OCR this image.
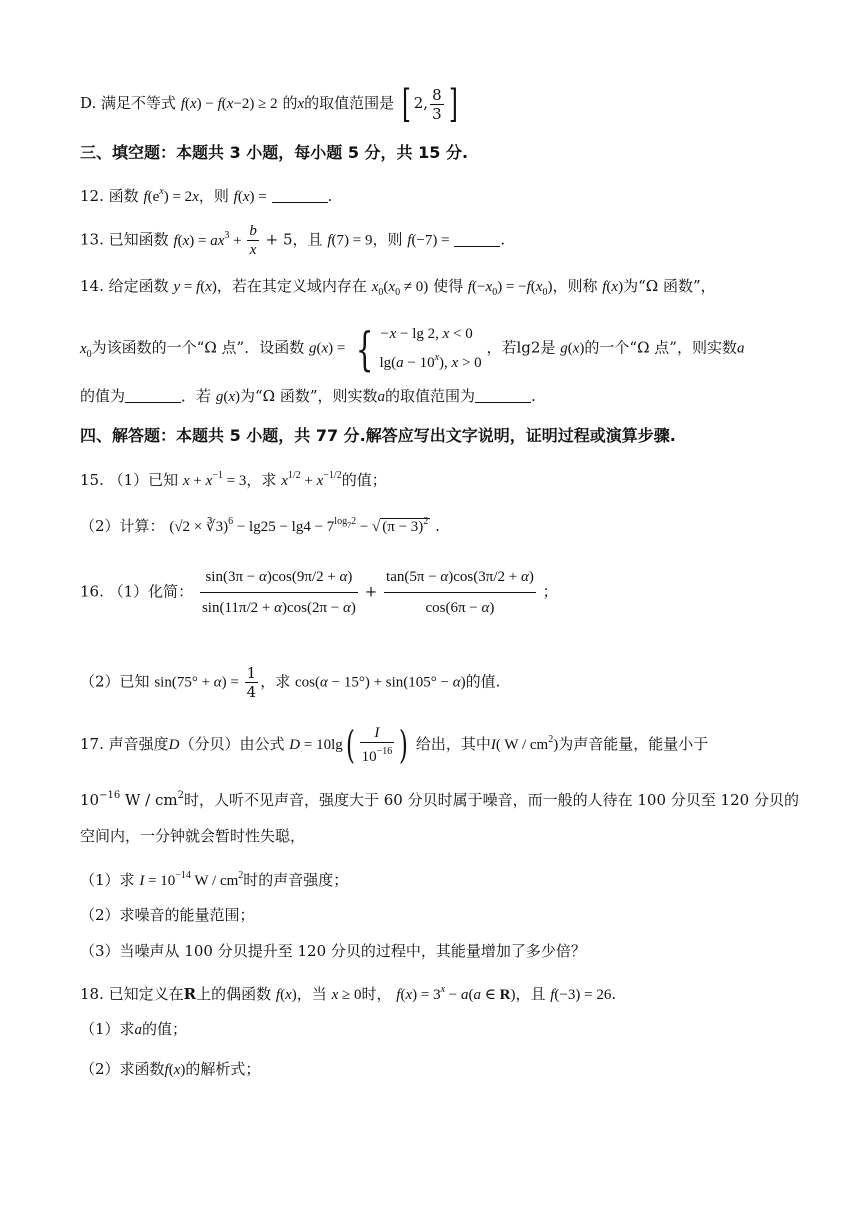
D. 满足不等式 f(x) − f(x−2) ≥ 2 的x的取值范围是 [ 2, $\frac{8}{3}$ ]
三、填空题：本题共 3 小题，每小题 5 分，共 15 分.
12. 函数 $f(e^x) = 2x$，则 f(x) =	.
13. 已知函数 $f(x) = ax^3 + \frac{b}{x} + 5$，且 f(7) = 9，则 f(−7) =	.
14. 给定函数 y = f(x)，若在其定义域内存在 $x_0(x_0 \ne 0)$ 使得 $f(-x_0) = -f(x_0)$，则称 f(x)为“Ω 函数”，
$x_0$为该函数的一个“Ω 点”．设函数 g(x) = { −x − lg 2, x < 0
$\lg(a - 10^x)$, x > 0
，若lg2是 g(x)的一个“Ω 点”，则实数a
的值为	．若 g(x)为“Ω 函数”，则实数a的取值范围为	.
四、解答题：本题共 5 小题，共 77 分.解答应写出文字说明，证明过程或演算步骤.
15. （1）已知 $x + x^{-1} = 3$，求 $x^{1/2} + x^{-1/2}$的值；
（2）计算： (√2 × ∛3)$^6$ − $\lg 25 - \lg 4 - 7^{log72}$ − √ $(\pi - 3)^2$ .
16. （1）化简： $\frac{\sin(3\pi - \alpha)\cos(9\pi/2 + \alpha)}{\sin(11\pi/2 + \alpha)\cos(2\pi - \alpha)} + \frac{\tan(5\pi - \alpha)\cos(3\pi/2 + \alpha)}{\cos(6\pi - \alpha)}$ ；
（2）已知 $\sin(75^\circ + \alpha) = \frac{1}{4}$ ，求 cos(α − 15°) + sin(105° − α)的值.
17. 声音强度D（分贝）由公式 $D = 10\lg( \frac{I}{10^{-16}}$ ) 给出，其中I( W / $cm^2$)为声音能量，能量小于
$10^{-16}$ W / $cm^2$时，人听不见声音，强度大于 60 分贝时属于噪音，而一般的人待在 100 分贝至 120 分贝的
空间内，一分钟就会暂时性失聪，
（1）求 $I = 10^{-14}$ W / $cm^2$时的声音强度；
（2）求噪音的能量范围；
（3）当噪声从 100 分贝提升至 120 分贝的过程中，其能量增加了多少倍？
18. 已知定义在R上的偶函数 f(x)，当 x ≥ 0时， $f(x) = 3^x - a(a$ ∈ R)，且 f(−3) = 26.
（1）求a的值；
（2）求函数f(x)的解析式；
